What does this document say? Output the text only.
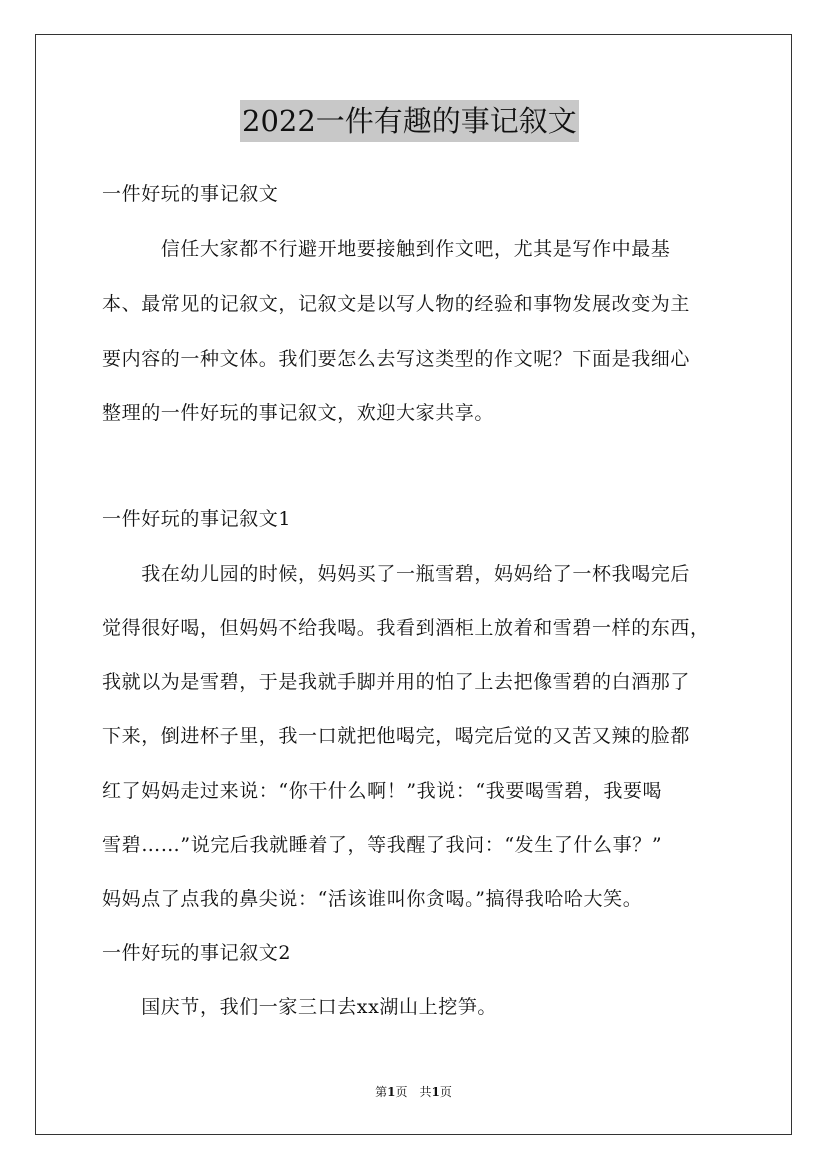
2022一件有趣的事记叙文
一件好玩的事记叙文
　　　信任大家都不行避开地要接触到作文吧，尤其是写作中最基
本、最常见的记叙文，记叙文是以写人物的经验和事物发展改变为主
要内容的一种文体。我们要怎么去写这类型的作文呢？下面是我细心
整理的一件好玩的事记叙文，欢迎大家共享。
一件好玩的事记叙文1
　　我在幼儿园的时候，妈妈买了一瓶雪碧，妈妈给了一杯我喝完后
觉得很好喝，但妈妈不给我喝。我看到酒柜上放着和雪碧一样的东西，
我就以为是雪碧，于是我就手脚并用的怕了上去把像雪碧的白酒那了
下来，倒进杯子里，我一口就把他喝完，喝完后觉的又苦又辣的脸都
红了妈妈走过来说：“你干什么啊！”我说：“我要喝雪碧，我要喝
雪碧……”说完后我就睡着了，等我醒了我问：“发生了什么事？”
妈妈点了点我的鼻尖说：“活该谁叫你贪喝。”搞得我哈哈大笑。
一件好玩的事记叙文2
　　国庆节，我们一家三口去xx湖山上挖笋。
第1页　共1页
